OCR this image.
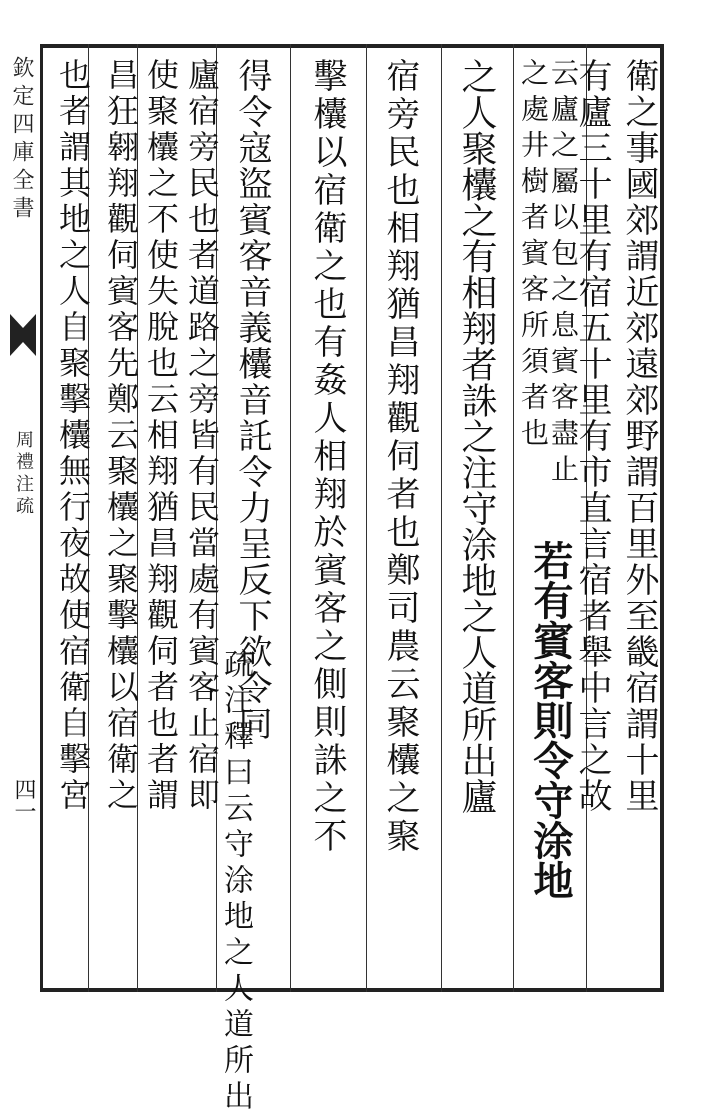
欽定四庫全書
周禮注疏
四一	衛之事國郊謂近郊遠郊野謂百里外至畿宿謂十里
有廬三十里有宿五十里有市直言宿者舉中言之故
云廬之屬以包之息賓客盡止
之處井樹者賓客所須者也
若有賓客則令守涂地
之人聚欜之有相翔者誅之注守涂地之人道所出廬
宿旁民也相翔猶昌翔觀伺者也鄭司農云聚欜之聚
擊欜以宿衛之也有姦人相翔於賓客之側則誅之不
得令寇盜賓客音義欜音託令力呈反下欲令同
疏注釋曰云守涂地之人道所出
廬宿旁民也者道路之旁皆有民當處有賓客止宿即
使聚欜之不使失脫也云相翔猶昌翔觀伺者也者謂
昌狂翱翔觀伺賓客先鄭云聚欜之聚擊欜以宿衛之
也者謂其地之人自聚擊欜無行夜故使宿衛自擊宮
